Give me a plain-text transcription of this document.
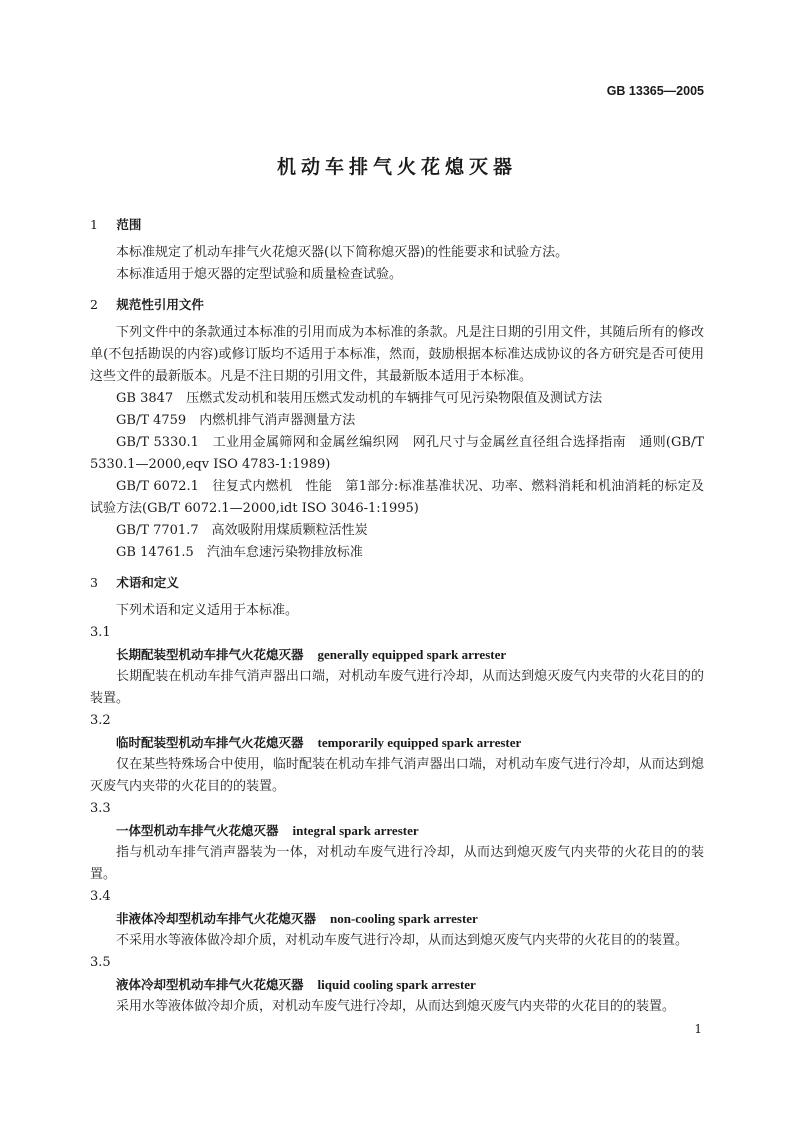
GB 13365—2005
机动车排气火花熄灭器
1 范围

本标准规定了机动车排气火花熄灭器(以下简称熄灭器)的性能要求和试验方法。

本标准适用于熄灭器的定型试验和质量检查试验。

2 规范性引用文件

下列文件中的条款通过本标准的引用而成为本标准的条款。凡是注日期的引用文件，其随后所有的修改单(不包括勘误的内容)或修订版均不适用于本标准，然而，鼓励根据本标准达成协议的各方研究是否可使用这些文件的最新版本。凡是不注日期的引用文件，其最新版本适用于本标准。

GB 3847　压燃式发动机和装用压燃式发动机的车辆排气可见污染物限值及测试方法

GB/T 4759　内燃机排气消声器测量方法

GB/T 5330.1　工业用金属筛网和金属丝编织网　网孔尺寸与金属丝直径组合选择指南　通则(GB/T 5330.1—2000,eqv ISO 4783-1:1989)

GB/T 6072.1　往复式内燃机　性能　第1部分:标准基准状况、功率、燃料消耗和机油消耗的标定及试验方法(GB/T 6072.1—2000,idt ISO 3046-1:1995)

GB/T 7701.7　高效吸附用煤质颗粒活性炭

GB 14761.5　汽油车怠速污染物排放标准

3 术语和定义

下列术语和定义适用于本标准。

3.1

长期配装型机动车排气火花熄灭器 generally equipped spark arrester

长期配装在机动车排气消声器出口端，对机动车废气进行冷却，从而达到熄灭废气内夹带的火花目的的装置。

3.2

临时配装型机动车排气火花熄灭器 temporarily equipped spark arrester

仅在某些特殊场合中使用，临时配装在机动车排气消声器出口端，对机动车废气进行冷却，从而达到熄灭废气内夹带的火花目的的装置。

3.3

一体型机动车排气火花熄灭器 integral spark arrester

指与机动车排气消声器装为一体，对机动车废气进行冷却，从而达到熄灭废气内夹带的火花目的的装置。

3.4

非液体冷却型机动车排气火花熄灭器 non-cooling spark arrester

不采用水等液体做冷却介质，对机动车废气进行冷却，从而达到熄灭废气内夹带的火花目的的装置。

3.5

液体冷却型机动车排气火花熄灭器 liquid cooling spark arrester

采用水等液体做冷却介质，对机动车废气进行冷却，从而达到熄灭废气内夹带的火花目的的装置。

1
